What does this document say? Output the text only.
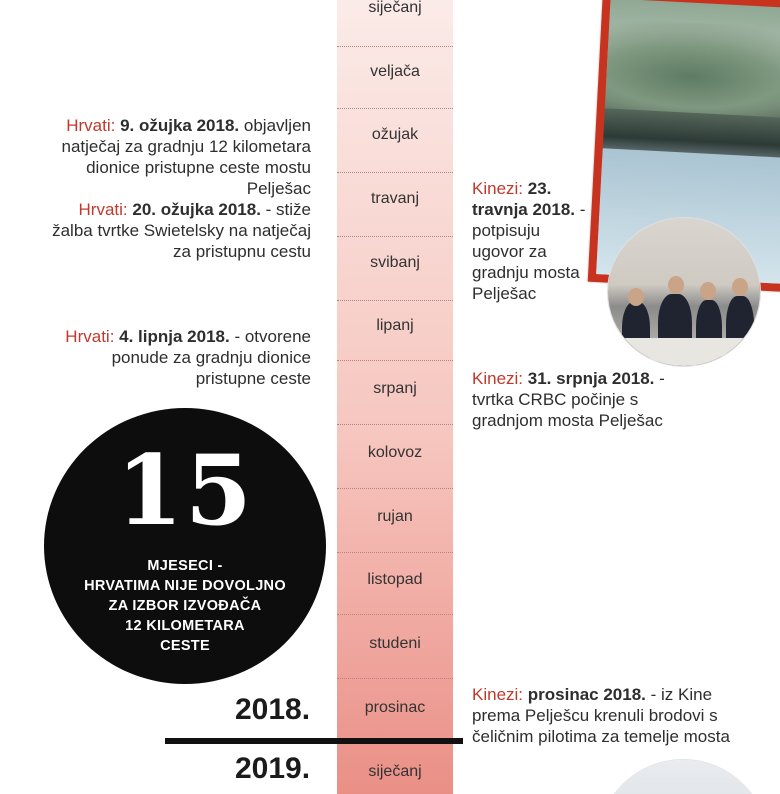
siječanj
veljača
ožujak
travanj
svibanj
lipanj
srpanj
kolovoz
rujan
listopad
studeni
prosinac
siječanj
Hrvati: 9. ožujka 2018. objavljen natječaj za gradnju 12 kilometara dionice pristupne ceste mostu Pelješac
Hrvati: 20. ožujka 2018. - stiže žalba tvrtke Swietelsky na natječaj za pristupnu cestu
Hrvati: 4. lipnja 2018. - otvorene ponude za gradnju dionice pristupne ceste
Kinezi: 23. travnja 2018. - potpisuju ugovor za gradnju mosta Pelješac
Kinezi: 31. srpnja 2018. - tvrtka CRBC počinje s gradnjom mosta Pelješac
Kinezi: prosinac 2018. - iz Kine prema Pelješcu krenuli brodovi s čeličnim pilotima za temelje mosta
15
MJESECI -
HRVATIMA NIJE DOVOLJNO
ZA IZBOR IZVOĐAČA
12 KILOMETARA
CESTE
2018.
2019.
